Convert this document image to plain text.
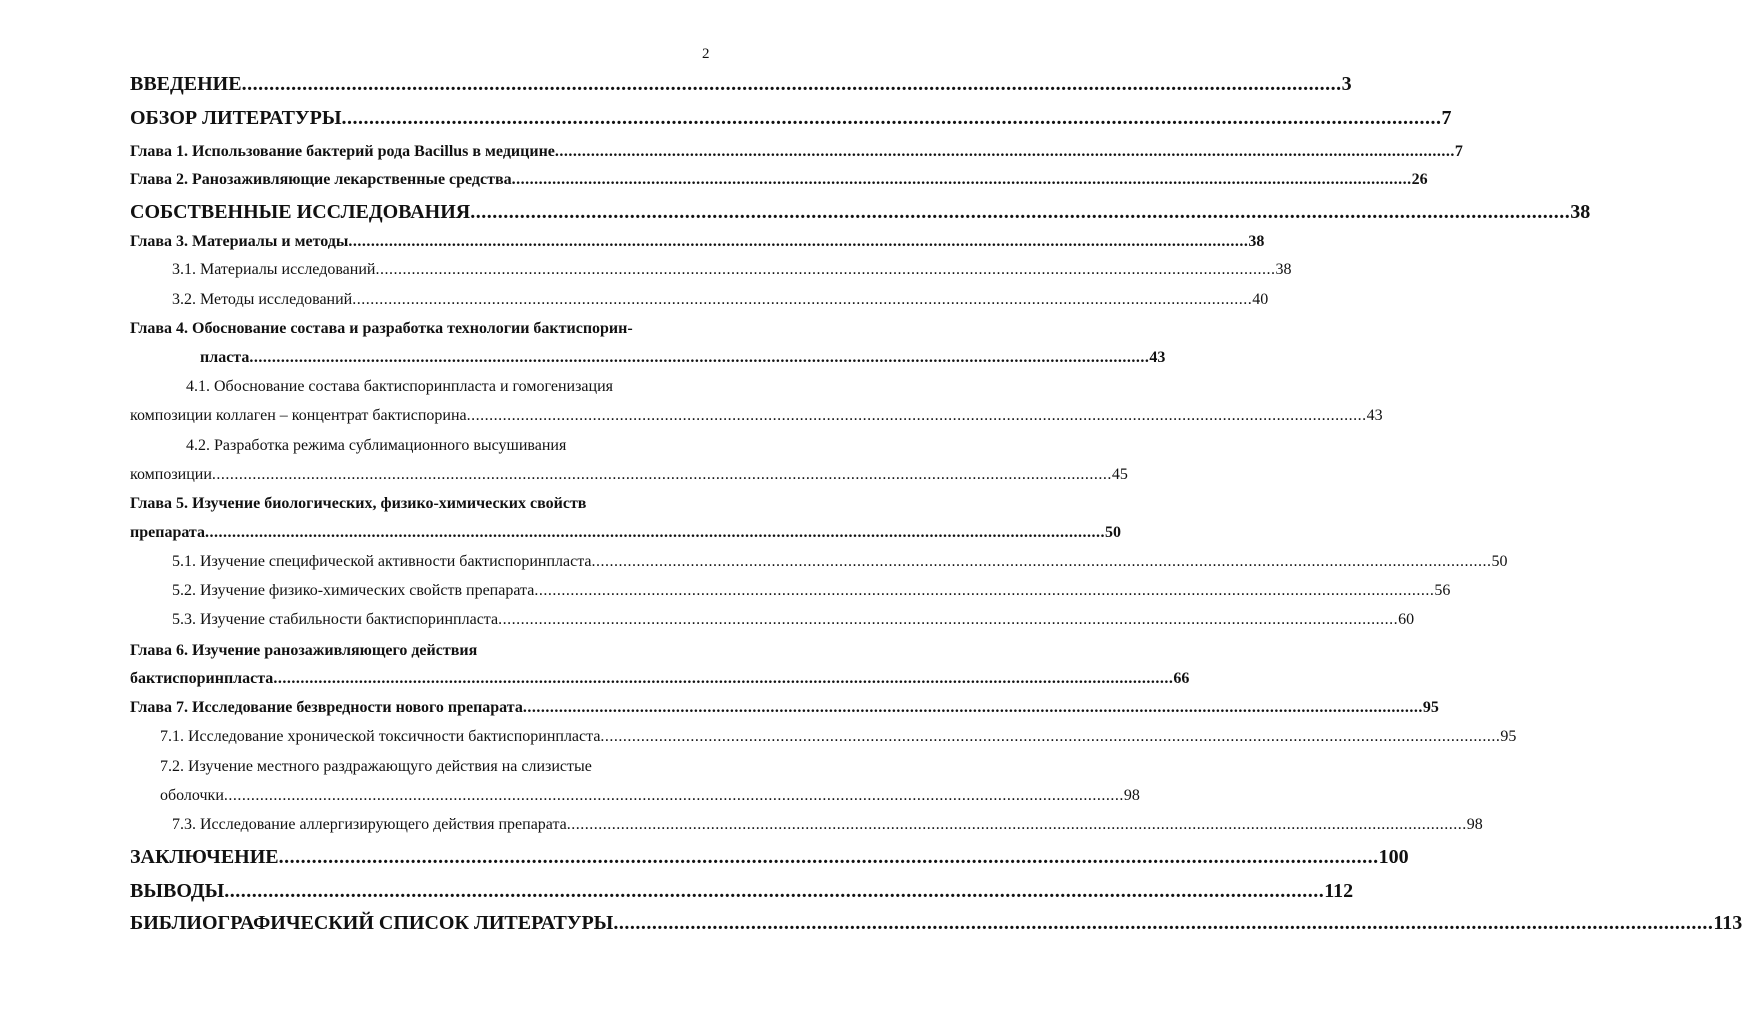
2
ВВЕДЕНИЕ ........................................................................................................................................................................................................ 3
ОБЗОР ЛИТЕРАТУРЫ ........................................................................................................................................................................................................ 7
Глава 1. Использование бактерий рода Bacillus в медицине ........................................................................................................................................................................................................ 7
Глава 2. Ранозаживляющие лекарственные средства ........................................................................................................................................................................................................ 26
СОБСТВЕННЫЕ ИССЛЕДОВАНИЯ ........................................................................................................................................................................................................ 38
Глава 3. Материалы и методы ........................................................................................................................................................................................................ 38
3.1. Материалы исследований ........................................................................................................................................................................................................ 38
3.2. Методы исследований ........................................................................................................................................................................................................ 40
Глава 4. Обоснование состава и разработка технологии бактиспорин-
пласта ........................................................................................................................................................................................................ 43
4.1. Обоснование состава бактиспоринпласта и гомогенизация
композиции коллаген – концентрат бактиспорина ........................................................................................................................................................................................................ 43
4.2. Разработка режима сублимационного высушивания
композиции ........................................................................................................................................................................................................ 45
Глава 5. Изучение биологических, физико-химических свойств
препарата ........................................................................................................................................................................................................ 50
5.1. Изучение специфической активности бактиспоринпласта ........................................................................................................................................................................................................ 50
5.2. Изучение физико-химических свойств препарата ........................................................................................................................................................................................................ 56
5.3. Изучение стабильности бактиспоринпласта ........................................................................................................................................................................................................ 60
Глава 6. Изучение ранозаживляющего действия
бактиспоринпласта ........................................................................................................................................................................................................ 66
Глава 7. Исследование безвредности нового препарата ........................................................................................................................................................................................................ 95
7.1. Исследование хронической токсичности бактиспоринпласта ........................................................................................................................................................................................................ 95
7.2. Изучение местного раздражающуго действия на слизистые
оболочки ........................................................................................................................................................................................................ 98
7.3. Исследование аллергизирующего действия препарата ........................................................................................................................................................................................................ 98
ЗАКЛЮЧЕНИЕ ........................................................................................................................................................................................................ 100
ВЫВОДЫ ........................................................................................................................................................................................................ 112
БИБЛИОГРАФИЧЕСКИЙ СПИСОК ЛИТЕРАТУРЫ ........................................................................................................................................................................................................ 113
